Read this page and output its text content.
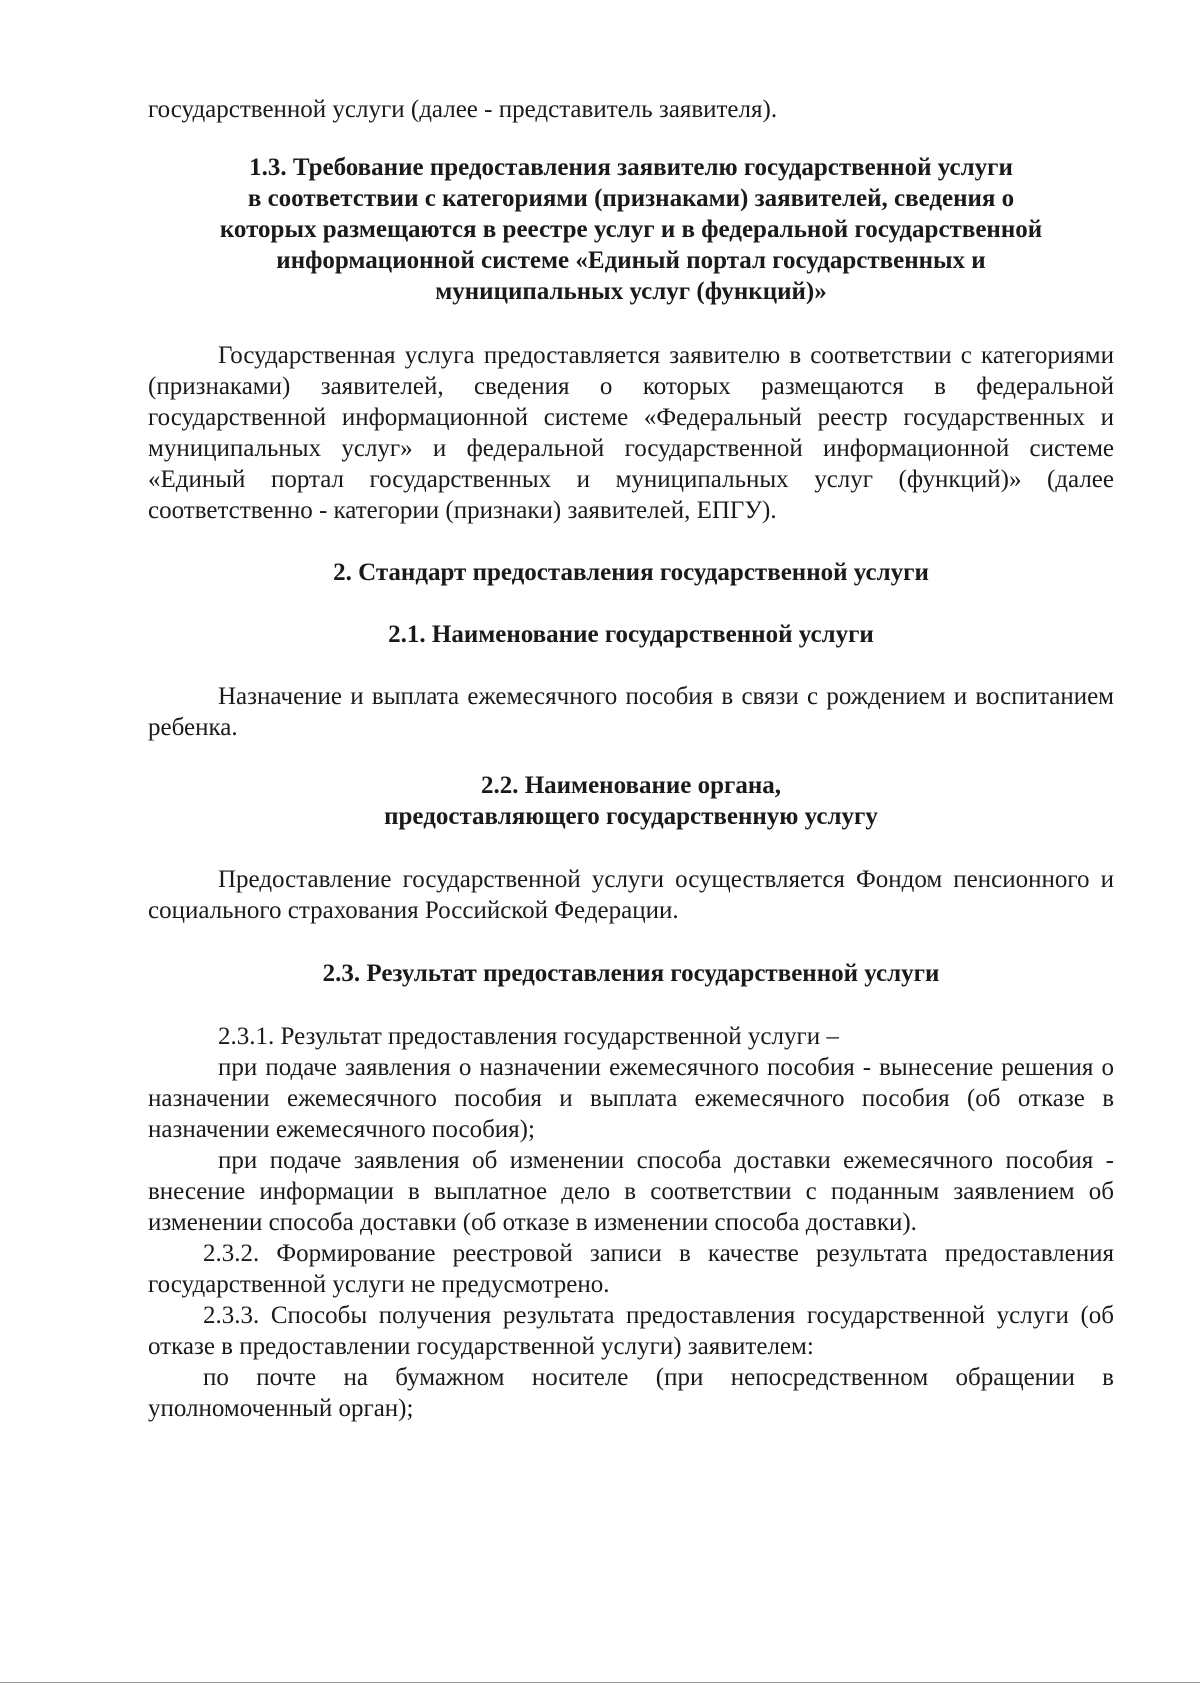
государственной услуги (далее - представитель заявителя).

1.3. Требование предоставления заявителю государственной услуги
в соответствии с категориями (признаками) заявителей, сведения о
которых размещаются в реестре услуг и в федеральной государственной
информационной системе «Единый портал государственных и
муниципальных услуг (функций)»

Государственная услуга предоставляется заявителю в соответствии с категориями (признаками) заявителей, сведения о которых размещаются в федеральной государственной информационной системе «Федеральный реестр государственных и муниципальных услуг» и федеральной государственной информационной системе «Единый портал государственных и муниципальных услуг (функций)» (далее соответственно - категории (признаки) заявителей, ЕПГУ).

2. Стандарт предоставления государственной услуги
2.1. Наименование государственной услуги

Назначение и выплата ежемесячного пособия в связи с рождением и воспитанием ребенка.

2.2. Наименование органа,
предоставляющего государственную услугу

Предоставление государственной услуги осуществляется Фондом пенсионного и социального страхования Российской Федерации.

2.3. Результат предоставления государственной услуги

2.3.1. Результат предоставления государственной услуги –

при подаче заявления о назначении ежемесячного пособия - вынесение решения о назначении ежемесячного пособия и выплата ежемесячного пособия (об отказе в назначении ежемесячного пособия);

при подаче заявления об изменении способа доставки ежемесячного пособия - внесение информации в выплатное дело в соответствии с поданным заявлением об изменении способа доставки (об отказе в изменении способа доставки).

2.3.2. Формирование реестровой записи в качестве результата предоставления государственной услуги не предусмотрено.

2.3.3. Способы получения результата предоставления государственной услуги (об отказе в предоставлении государственной услуги) заявителем:

по почте на бумажном носителе (при непосредственном обращении в уполномоченный орган);
